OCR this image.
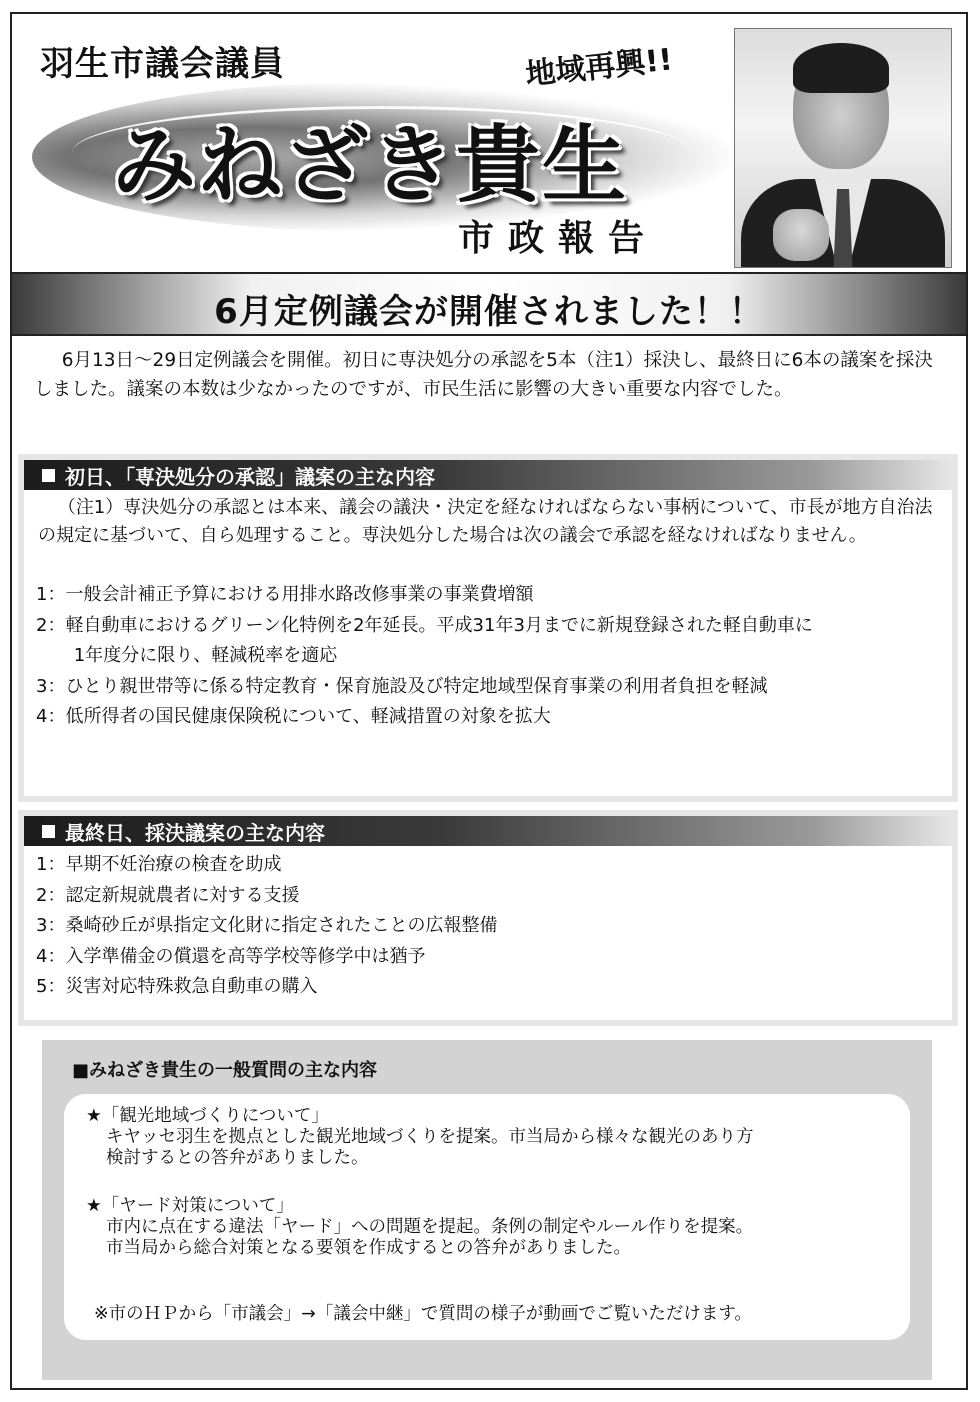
羽生市議会議員	地域再興!!
みねざき貴生
市政報告
6月定例議会が開催されました！！
6月13日～29日定例議会を開催。初日に専決処分の承認を5本（注1）採決し、最終日に6本の議案を採決しました。議案の本数は少なかったのですが、市民生活に影響の大きい重要な内容でした。
初日、「専決処分の承認」議案の主な内容
（注1）専決処分の承認とは本来、議会の議決・決定を経なければならない事柄について、市長が地方自治法の規定に基づいて、自ら処理すること。専決処分した場合は次の議会で承認を経なければなりません。
1：一般会計補正予算における用排水路改修事業の事業費増額
2：軽自動車におけるグリーン化特例を2年延長。平成31年3月までに新規登録された軽自動車に
1年度分に限り、軽減税率を適応
3：ひとり親世帯等に係る特定教育・保育施設及び特定地域型保育事業の利用者負担を軽減
4：低所得者の国民健康保険税について、軽減措置の対象を拡大
最終日、採決議案の主な内容
1：早期不妊治療の検査を助成
2：認定新規就農者に対する支援
3：桑崎砂丘が県指定文化財に指定されたことの広報整備
4：入学準備金の償還を高等学校等修学中は猶予
5：災害対応特殊救急自動車の購入
■みねざき貴生の一般質問の主な内容
★「観光地域づくりについて」
キヤッセ羽生を拠点とした観光地域づくりを提案。市当局から様々な観光のあり方
検討するとの答弁がありました。
★「ヤード対策について」
市内に点在する違法「ヤード」への問題を提起。条例の制定やルール作りを提案。
市当局から総合対策となる要領を作成するとの答弁がありました。
※市のＨＰから「市議会」→「議会中継」で質問の様子が動画でご覧いただけます。
